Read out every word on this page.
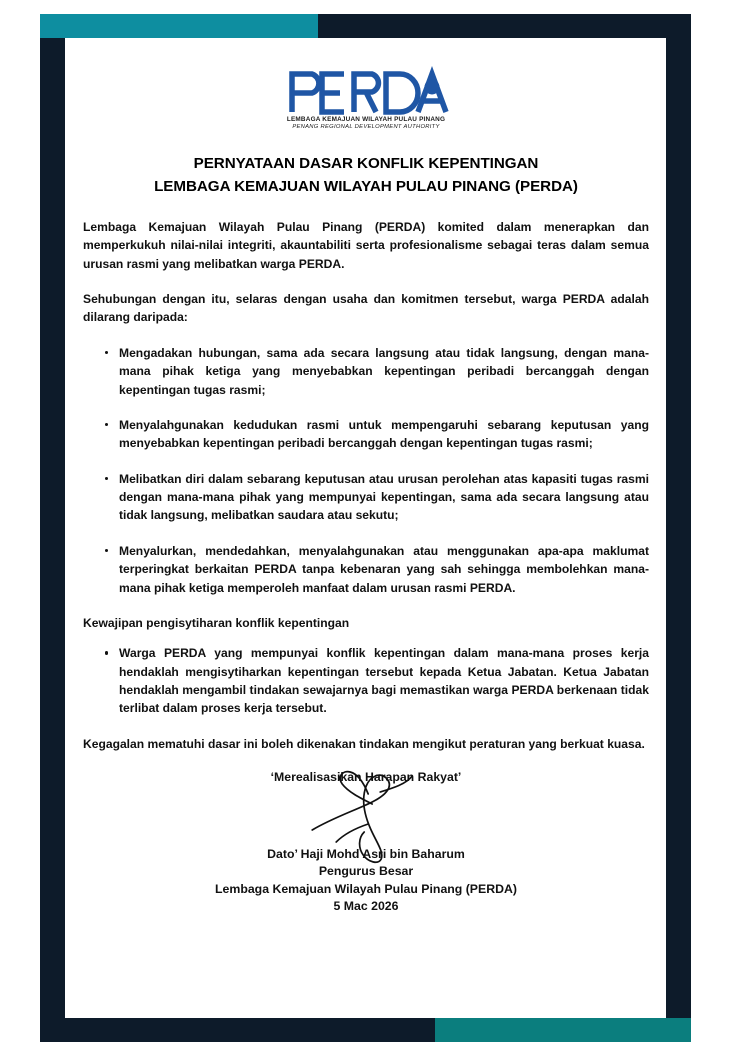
LEMBAGA KEMAJUAN WILAYAH PULAU PINANG
PENANG REGIONAL DEVELOPMENT AUTHORITY
PERNYATAAN DASAR KONFLIK KEPENTINGAN
LEMBAGA KEMAJUAN WILAYAH PULAU PINANG (PERDA)

Lembaga Kemajuan Wilayah Pulau Pinang (PERDA) komited dalam menerapkan dan memperkukuh nilai-nilai integriti, akauntabiliti serta profesionalisme sebagai teras dalam semua urusan rasmi yang melibatkan warga PERDA.

Sehubungan dengan itu, selaras dengan usaha dan komitmen tersebut, warga PERDA adalah dilarang daripada:

Mengadakan hubungan, sama ada secara langsung atau tidak langsung, dengan mana-mana pihak ketiga yang menyebabkan kepentingan peribadi bercanggah dengan kepentingan tugas rasmi;
Menyalahgunakan kedudukan rasmi untuk mempengaruhi sebarang keputusan yang menyebabkan kepentingan peribadi bercanggah dengan kepentingan tugas rasmi;
Melibatkan diri dalam sebarang keputusan atau urusan perolehan atas kapasiti tugas rasmi dengan mana-mana pihak yang mempunyai kepentingan, sama ada secara langsung atau tidak langsung, melibatkan saudara atau sekutu;
Menyalurkan, mendedahkan, menyalahgunakan atau menggunakan apa-apa maklumat terperingkat berkaitan PERDA tanpa kebenaran yang sah sehingga membolehkan mana-mana pihak ketiga memperoleh manfaat dalam urusan rasmi PERDA.

Kewajipan pengisytiharan konflik kepentingan

Warga PERDA yang mempunyai konflik kepentingan dalam mana-mana proses kerja hendaklah mengisytiharkan kepentingan tersebut kepada Ketua Jabatan. Ketua Jabatan hendaklah mengambil tindakan sewajarnya bagi memastikan warga PERDA berkenaan tidak terlibat dalam proses kerja tersebut.

Kegagalan mematuhi dasar ini boleh dikenakan tindakan mengikut peraturan yang berkuat kuasa.

‘Merealisasikan Harapan Rakyat’
Dato’ Haji Mohd Asri bin Baharum
Pengurus Besar
Lembaga Kemajuan Wilayah Pulau Pinang (PERDA)
5 Mac 2026
